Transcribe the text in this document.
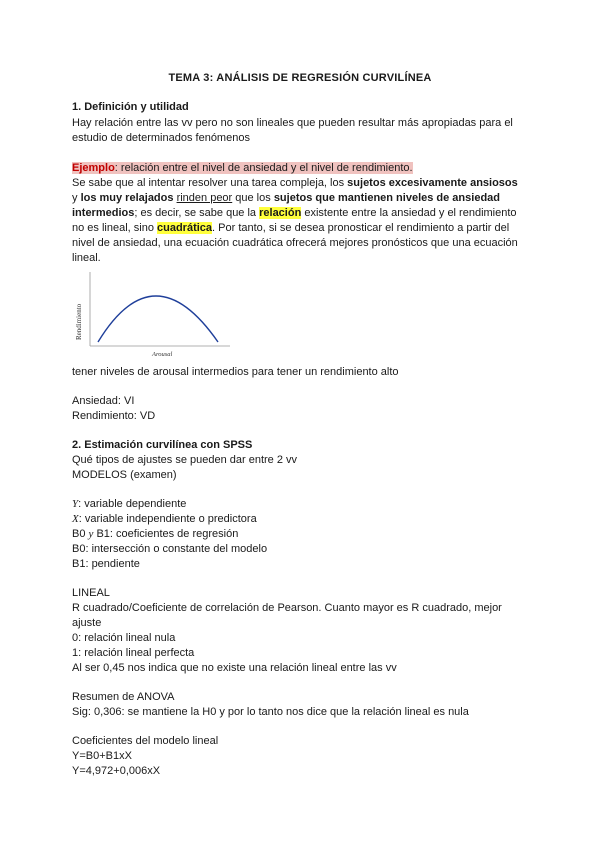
TEMA 3: ANÁLISIS DE REGRESIÓN CURVILÍNEA
1. Definición y utilidad
Hay relación entre las vv pero no son lineales que pueden resultar más apropiadas para el
estudio de determinados fenómenos
Ejemplo: relación entre el nivel de ansiedad y el nivel de rendimiento.
Se sabe que al intentar resolver una tarea compleja, los sujetos excesivamente ansiosos
y los muy relajados rinden peor que los sujetos que mantienen niveles de ansiedad
intermedios; es decir, se sabe que la relación existente entre la ansiedad y el rendimiento
no es lineal, sino cuadrática. Por tanto, si se desea pronosticar el rendimiento a partir del
nivel de ansiedad, una ecuación cuadrática ofrecerá mejores pronósticos que una ecuación
lineal.
Rendimiento
Arousal
tener niveles de arousal intermedios para tener un rendimiento alto
Ansiedad: VI
Rendimiento: VD
2. Estimación curvilínea con SPSS
Qué tipos de ajustes se pueden dar entre 2 vv
MODELOS (examen)
Y: variable dependiente
X: variable independiente o predictora
B0 y B1: coeficientes de regresión
B0: intersección o constante del modelo
B1: pendiente
LINEAL
R cuadrado/Coeficiente de correlación de Pearson. Cuanto mayor es R cuadrado, mejor
ajuste
0: relación lineal nula
1: relación lineal perfecta
Al ser 0,45 nos indica que no existe una relación lineal entre las vv
Resumen de ANOVA
Sig: 0,306: se mantiene la H0 y por lo tanto nos dice que la relación lineal es nula
Coeficientes del modelo lineal
Y=B0+B1xX
Y=4,972+0,006xX
